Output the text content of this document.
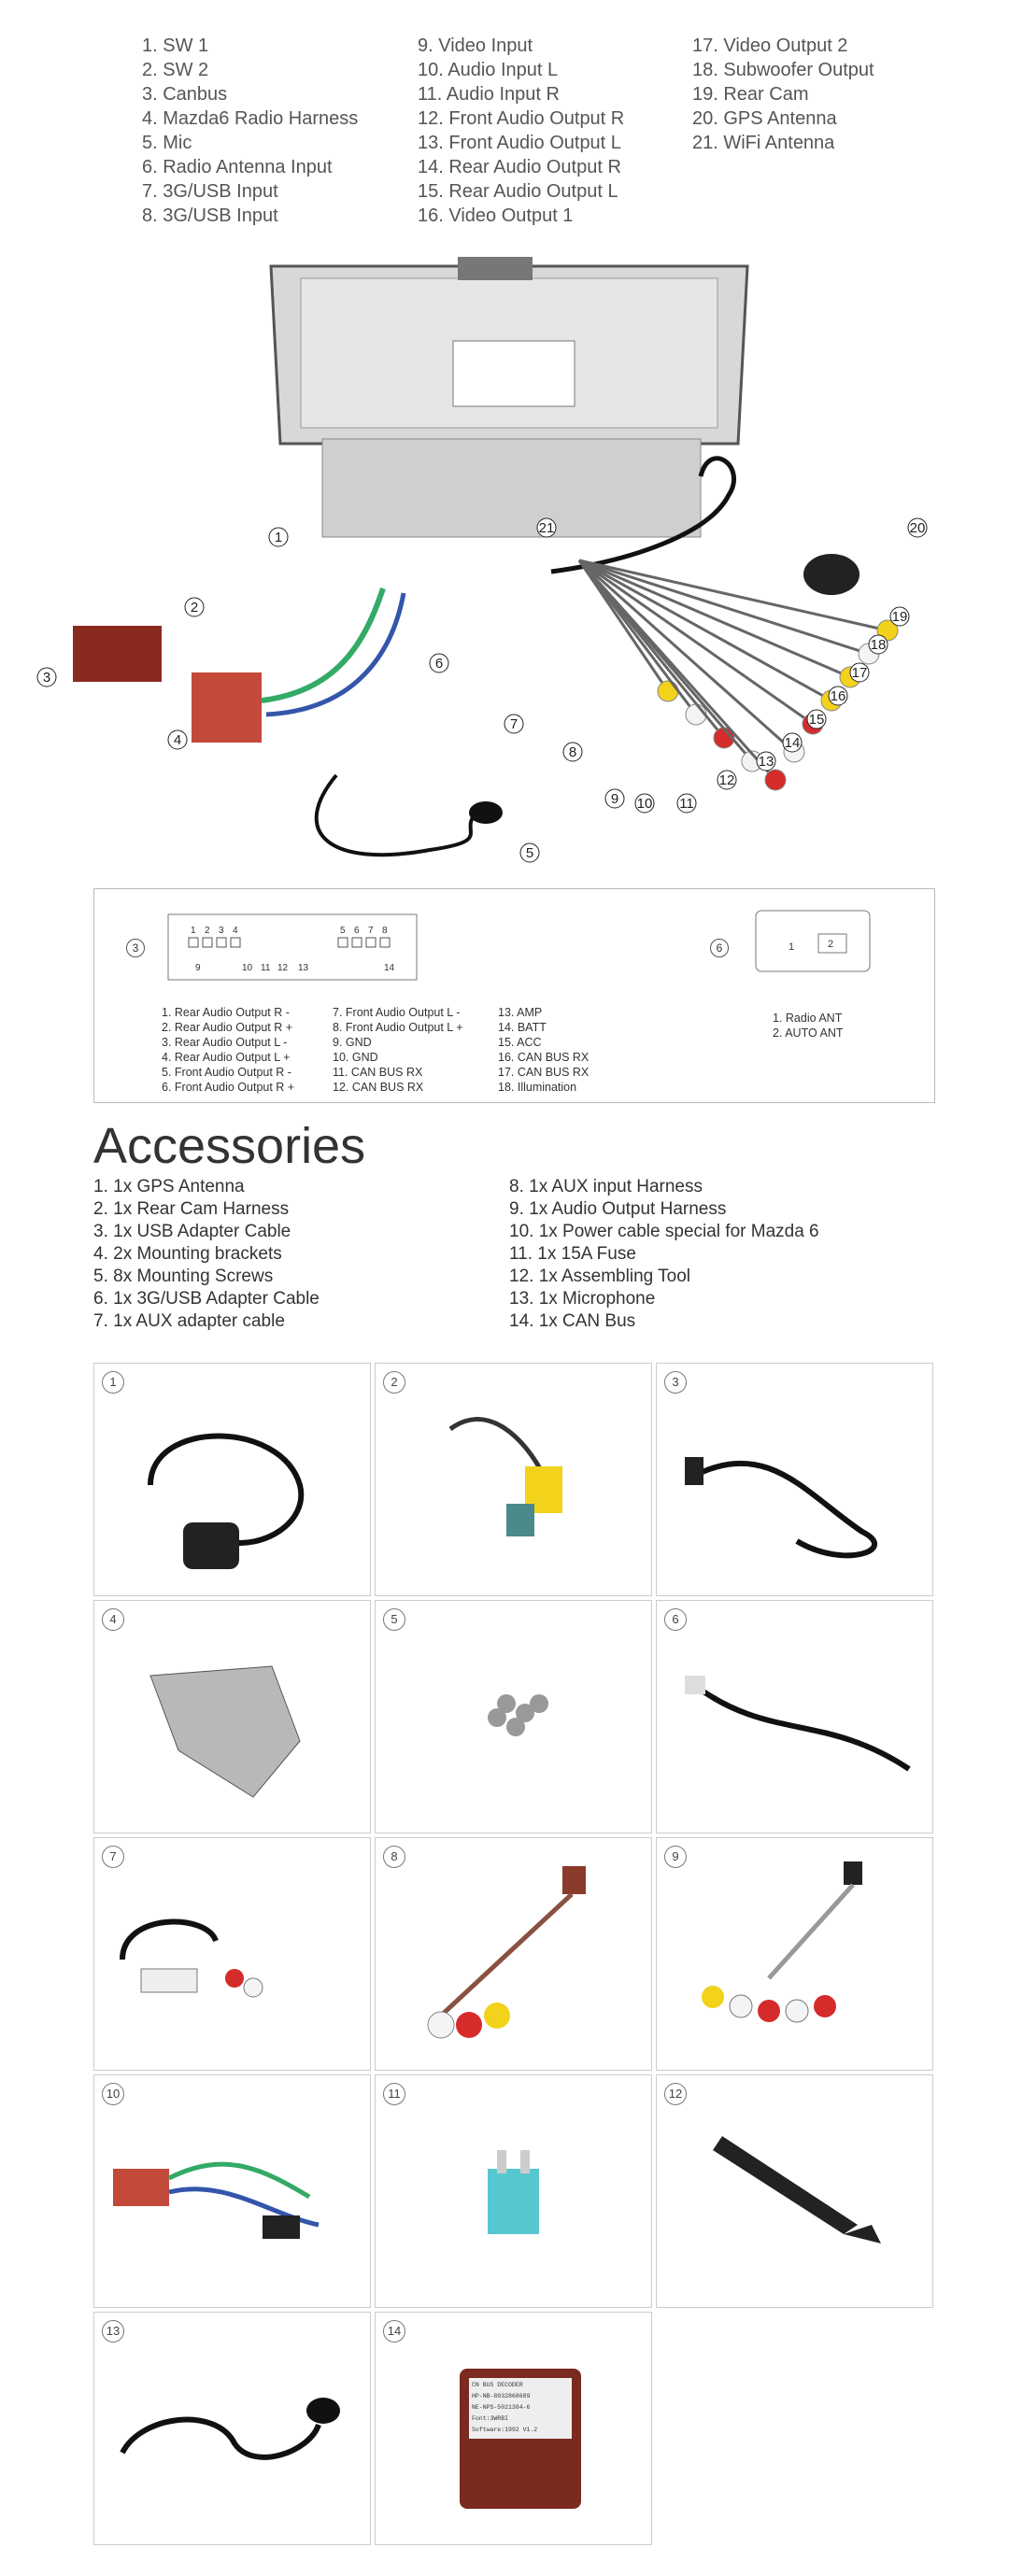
1. SW 1
2. SW 2
3. Canbus
4. Mazda6 Radio Harness
5. Mic
6. Radio Antenna Input
7. 3G/USB Input
8. 3G/USB Input
9. Video Input
10. Audio Input L
11. Audio Input R
12. Front Audio Output R
13. Front Audio Output L
14. Rear Audio Output R
15. Rear Audio Output L
16. Video Output 1
17. Video Output 2
18. Subwoofer Output
19. Rear Cam
20. GPS Antenna
21. WiFi Antenna
1
2
3
4
5
6
7
8
9 10 11
12
13
14
15
16
17
18
19
20
21
3
1 2 3 4	5 6 7 8
9	10 11 12 13	14
6	1	2
1. Rear Audio Output R -
2. Rear Audio Output R +
3. Rear Audio Output L -
4. Rear Audio Output L +
5. Front Audio Output R -
6. Front Audio Output R +
7. Front Audio Output L -
8. Front Audio Output L +
9. GND
10. GND
11. CAN BUS RX
12. CAN BUS RX
13. AMP
14. BATT
15. ACC
16. CAN BUS RX
17. CAN BUS RX
18. Illumination
1. Radio ANT
2. AUTO ANT
Accessories
1. 1x GPS Antenna
2. 1x Rear Cam Harness
3. 1x USB Adapter Cable
4. 2x Mounting brackets
5. 8x Mounting Screws
6. 1x 3G/USB Adapter Cable
7. 1x AUX adapter cable
8. 1x AUX input Harness
9. 1x Audio Output Harness
10. 1x Power cable special for Mazda 6
11. 1x 15A Fuse
12. 1x Assembling Tool
13. 1x Microphone
14. 1x CAN Bus
1	2	3
4	5	6
7	8	9
10	11	12
13	14
CN BUS DECODER
HP-NB-8932868689
NE-NPS-5021384-6
Font:3WRBI
Software:1992 V1.2
